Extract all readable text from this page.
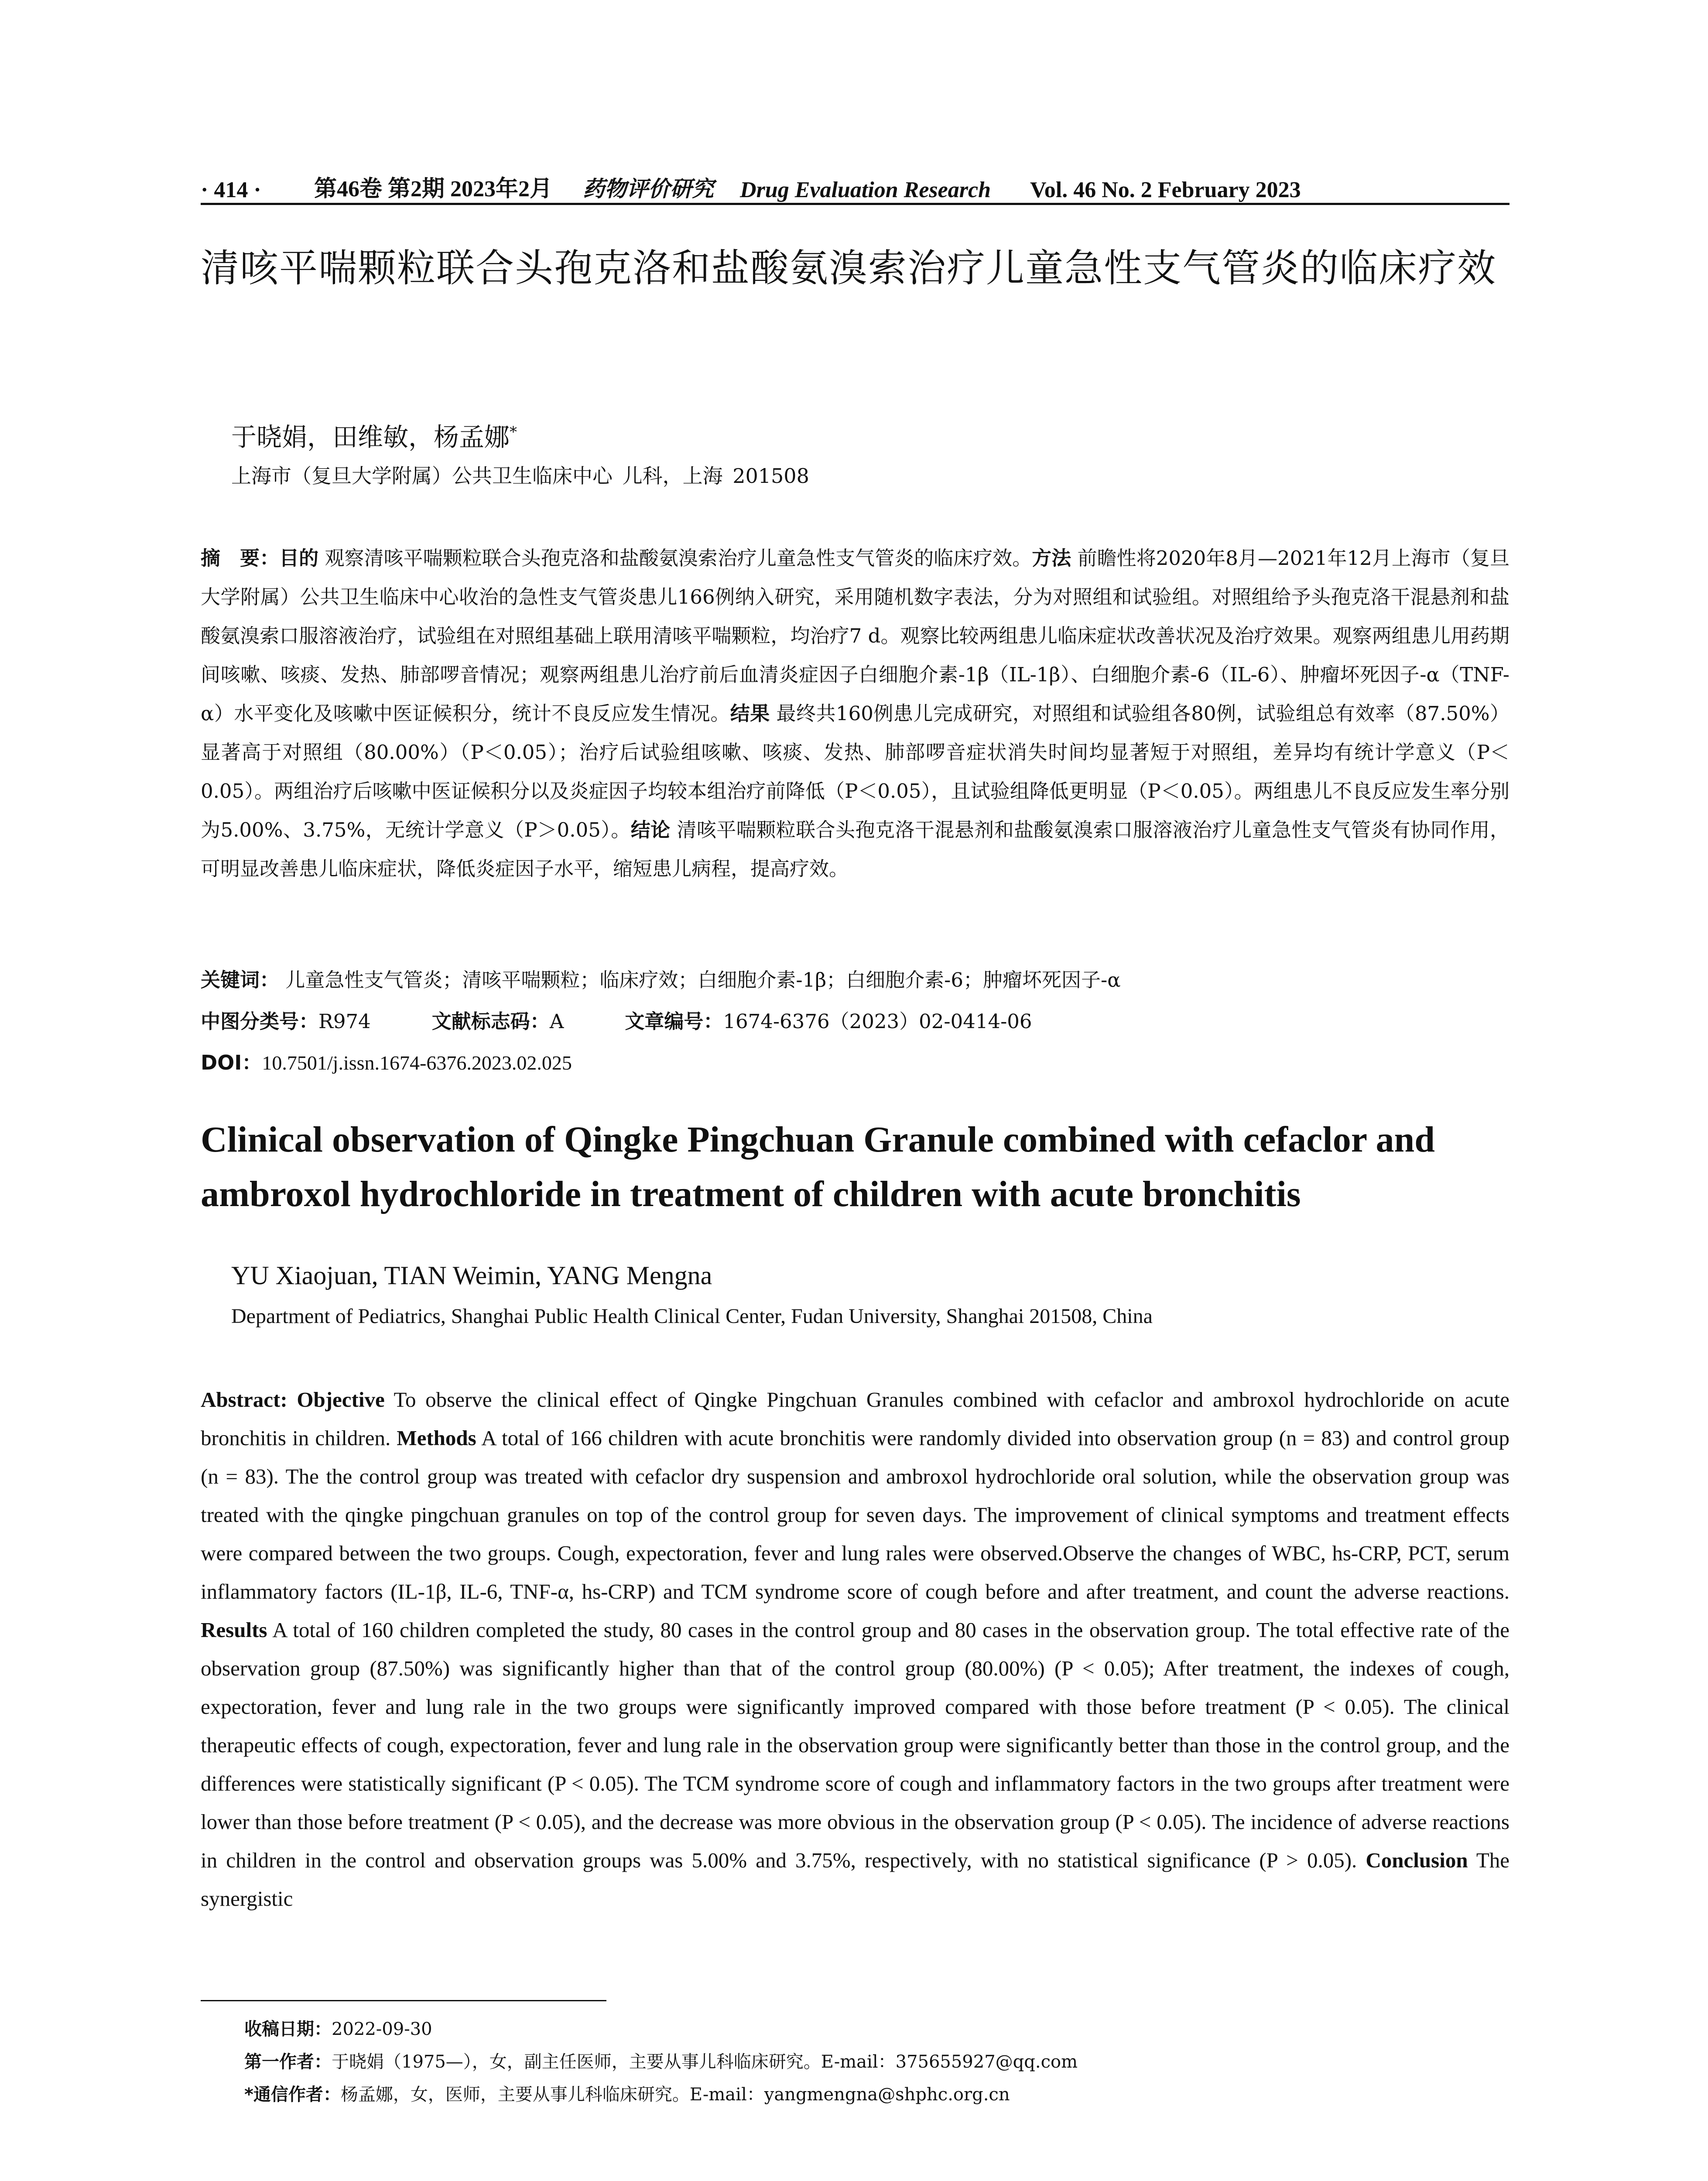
· 414 ·	第46卷 第2期 2023年2月 药物评价研究 Drug Evaluation Research Vol. 46 No. 2 February 2023
清咳平喘颗粒联合头孢克洛和盐酸氨溴索治疗儿童急性支气管炎的临床疗效
于晓娟，田维敏，杨孟娜*
上海市（复旦大学附属）公共卫生临床中心 儿科，上海 201508

摘　要：目的 观察清咳平喘颗粒联合头孢克洛和盐酸氨溴索治疗儿童急性支气管炎的临床疗效。方法 前瞻性将2020年8月—2021年12月上海市（复旦大学附属）公共卫生临床中心收治的急性支气管炎患儿166例纳入研究，采用随机数字表法，分为对照组和试验组。对照组给予头孢克洛干混悬剂和盐酸氨溴索口服溶液治疗，试验组在对照组基础上联用清咳平喘颗粒，均治疗7 d。观察比较两组患儿临床症状改善状况及治疗效果。观察两组患儿用药期间咳嗽、咳痰、发热、肺部啰音情况；观察两组患儿治疗前后血清炎症因子白细胞介素-1β（IL-1β）、白细胞介素-6（IL-6）、肿瘤坏死因子-α（TNF-α）水平变化及咳嗽中医证候积分，统计不良反应发生情况。结果 最终共160例患儿完成研究，对照组和试验组各80例，试验组总有效率（87.50%）显著高于对照组（80.00%）（P＜0.05）；治疗后试验组咳嗽、咳痰、发热、肺部啰音症状消失时间均显著短于对照组，差异均有统计学意义（P＜0.05）。两组治疗后咳嗽中医证候积分以及炎症因子均较本组治疗前降低（P＜0.05），且试验组降低更明显（P＜0.05）。两组患儿不良反应发生率分别为5.00%、3.75%，无统计学意义（P＞0.05）。结论 清咳平喘颗粒联合头孢克洛干混悬剂和盐酸氨溴索口服溶液治疗儿童急性支气管炎有协同作用，可明显改善患儿临床症状，降低炎症因子水平，缩短患儿病程，提高疗效。

关键词： 儿童急性支气管炎；清咳平喘颗粒；临床疗效；白细胞介素-1β；白细胞介素-6；肿瘤坏死因子-α
中图分类号：R974	文献标志码：A	文章编号：1674-6376（2023）02-0414-06
DOI：10.7501/j.issn.1674-6376.2023.02.025
Clinical observation of Qingke Pingchuan Granule combined with cefaclor and ambroxol hydrochloride in treatment of children with acute bronchitis
YU Xiaojuan, TIAN Weimin, YANG Mengna
Department of Pediatrics, Shanghai Public Health Clinical Center, Fudan University, Shanghai 201508, China

Abstract: Objective To observe the clinical effect of Qingke Pingchuan Granules combined with cefaclor and ambroxol hydrochloride on acute bronchitis in children. Methods A total of 166 children with acute bronchitis were randomly divided into observation group (n = 83) and control group (n = 83). The the control group was treated with cefaclor dry suspension and ambroxol hydrochloride oral solution, while the observation group was treated with the qingke pingchuan granules on top of the control group for seven days. The improvement of clinical symptoms and treatment effects were compared between the two groups. Cough, expectoration, fever and lung rales were observed.Observe the changes of WBC, hs-CRP, PCT, serum inflammatory factors (IL-1β, IL-6, TNF-α, hs-CRP) and TCM syndrome score of cough before and after treatment, and count the adverse reactions. Results A total of 160 children completed the study, 80 cases in the control group and 80 cases in the observation group. The total effective rate of the observation group (87.50%) was significantly higher than that of the control group (80.00%) (P < 0.05); After treatment, the indexes of cough, expectoration, fever and lung rale in the two groups were significantly improved compared with those before treatment (P < 0.05). The clinical therapeutic effects of cough, expectoration, fever and lung rale in the observation group were significantly better than those in the control group, and the differences were statistically significant (P < 0.05). The TCM syndrome score of cough and inflammatory factors in the two groups after treatment were lower than those before treatment (P < 0.05), and the decrease was more obvious in the observation group (P < 0.05). The incidence of adverse reactions in children in the control and observation groups was 5.00% and 3.75%, respectively, with no statistical significance (P > 0.05). Conclusion The synergistic

收稿日期：2022-09-30
第一作者：于晓娟（1975—），女，副主任医师，主要从事儿科临床研究。E-mail：375655927@qq.com
*通信作者：杨孟娜，女，医师，主要从事儿科临床研究。E-mail：yangmengna@shphc.org.cn
